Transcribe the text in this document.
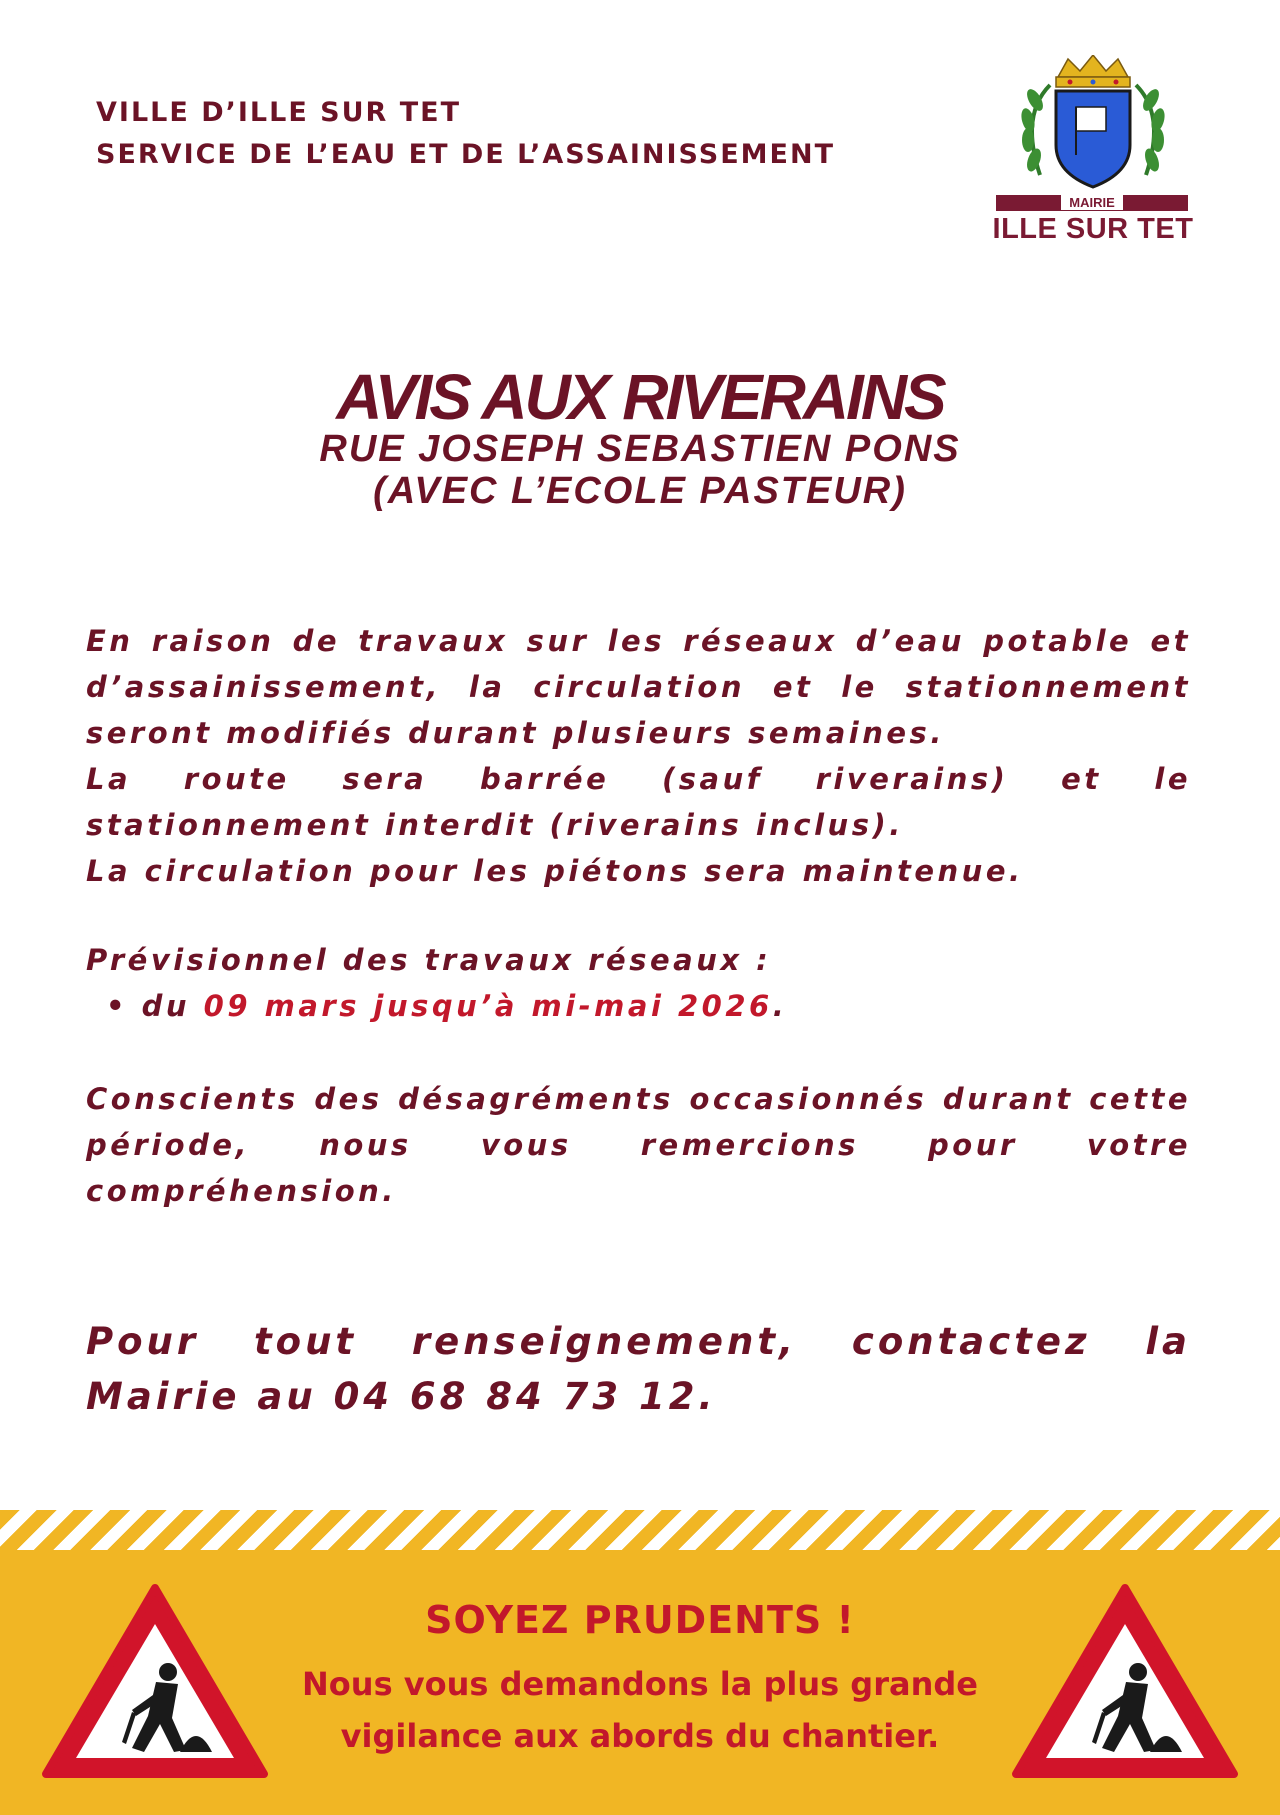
VILLE D’ILLE SUR TET
SERVICE DE L’EAU ET DE L’ASSAINISSEMENT
MAIRIE
ILLE SUR TET
AVIS AUX RIVERAINS
RUE JOSEPH SEBASTIEN PONS
(AVEC L’ECOLE PASTEUR)

En raison de travaux sur les réseaux d’eau potable et d’assainissement, la circulation et le stationnement seront modifiés durant plusieurs semaines.

La route sera barrée (sauf riverains) et le stationnement interdit (riverains inclus).

La circulation pour les piétons sera maintenue.

Prévisionnel des travaux réseaux :

• du 09 mars jusqu’à mi-mai 2026.

Conscients des désagréments occasionnés durant cette période, nous vous remercions pour votre compréhension.

Pour tout renseignement, contactez la Mairie au 04 68 84 73 12.
SOYEZ PRUDENTS !
Nous vous demandons la plus grande
vigilance aux abords du chantier.
